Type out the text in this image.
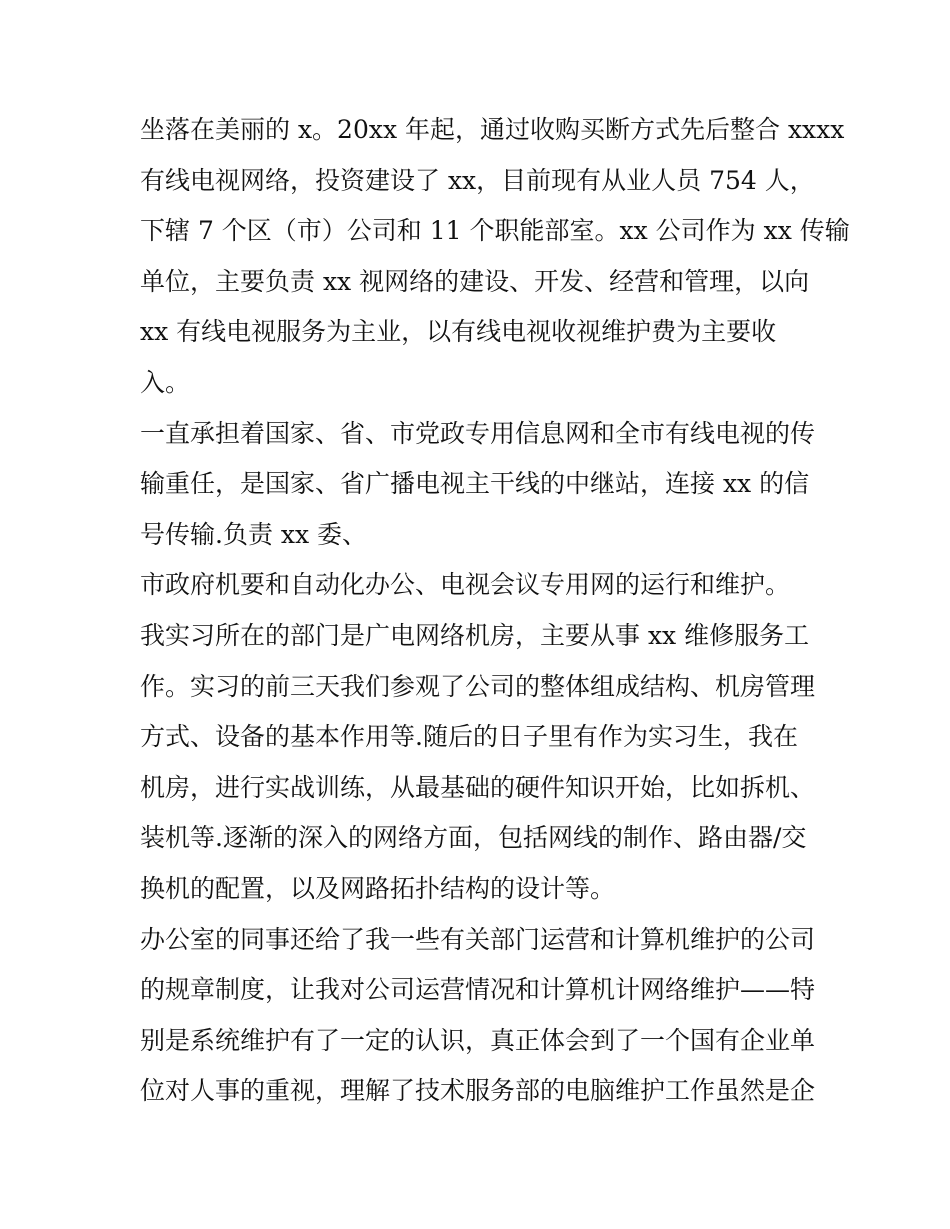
坐落在美丽的 x。20xx 年起，通过收购买断方式先后整合 xxxx
有线电视网络，投资建设了 xx，目前现有从业人员 754 人，
下辖 7 个区（市）公司和 11 个职能部室。xx 公司作为 xx 传输
单位，主要负责 xx 视网络的建设、开发、经营和管理，以向
xx 有线电视服务为主业，以有线电视收视维护费为主要收
入。
一直承担着国家、省、市党政专用信息网和全市有线电视的传
输重任，是国家、省广播电视主干线的中继站，连接 xx 的信
号传输.负责 xx 委、
市政府机要和自动化办公、电视会议专用网的运行和维护。
我实习所在的部门是广电网络机房，主要从事 xx 维修服务工
作。实习的前三天我们参观了公司的整体组成结构、机房管理
方式、设备的基本作用等.随后的日子里有作为实习生，我在
机房，进行实战训练，从最基础的硬件知识开始，比如拆机、
装机等.逐渐的深入的网络方面，包括网线的制作、路由器/交
换机的配置，以及网路拓扑结构的设计等。
办公室的同事还给了我一些有关部门运营和计算机维护的公司
的规章制度，让我对公司运营情况和计算机计网络维护——特
别是系统维护有了一定的认识，真正体会到了一个国有企业单
位对人事的重视，理解了技术服务部的电脑维护工作虽然是企
